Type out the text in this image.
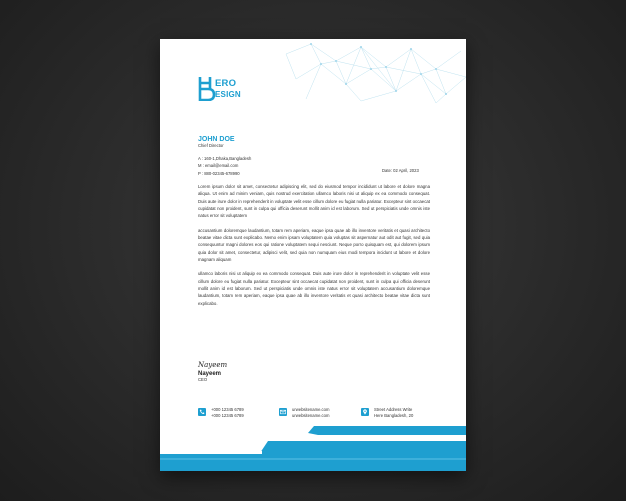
ERO
ESIGN
JOHN DOE
Chief Director
A : 160-1,Dhaka,Bangladesh
M : email@email.com
P : 880-02345-678990
Date: 02 April, 2023

Lorem ipsum dolor sit amet, consectetur adipiscing elit, sed do eiusmod tempor incididunt ut labore et dolore magna aliqua. Ut enim ad minim veniam, quis nostrud exercitation ullamco laboris nisi ut aliquip ex ea commodo consequat. Duis aute irure dolor in reprehenderit in voluptate velit esse cillum dolore eu fugiat nulla pariatur. Excepteur sint occaecat cupidatat non proident, sunt in culpa qui officia deserunt mollit anim id est laborum. Sed ut perspiciatis unde omnis iste natus error sit voluptatem

accusantium doloremque laudantium, totam rem aperiam, eaque ipsa quae ab illo inventore veritatis et quasi architecto beatae vitae dicta sunt explicabo. Nemo enim ipsam voluptatem quia voluptas sit aspernatur aut odit aut fugit, sed quia consequuntur magni dolores eos qui ratione voluptatem sequi nesciunt. Neque porro quisquam est, qui dolorem ipsum quia dolor sit amet, consectetur, adipisci velit, sed quia non numquam eius modi tempora incidunt ut labore et dolore magnam aliquam

ullamco laboris nisi ut aliquip ex ea commodo consequat. Duis aute irure dolor in reprehenderit in voluptate velit esse cillum dolore eu fugiat nulla pariatur. Excepteur sint occaecat cupidatat non proident, sunt in culpa qui officia deserunt mollit anim id est laborum. Sed ut perspiciatis unde omnis iste natus error sit voluptatem accusantium doloremque laudantium, totam rem aperiam, eaque ipsa quae ab illo inventore veritatis et quasi architecto beatae vitae dicta sunt explicabo.

Nayeem
Nayeem
CEO
+000 12345 6789
+000 12345 6789
urwebsitename.com
urwebsitename.com
Street Address Write
Here Bangladesh, 20
